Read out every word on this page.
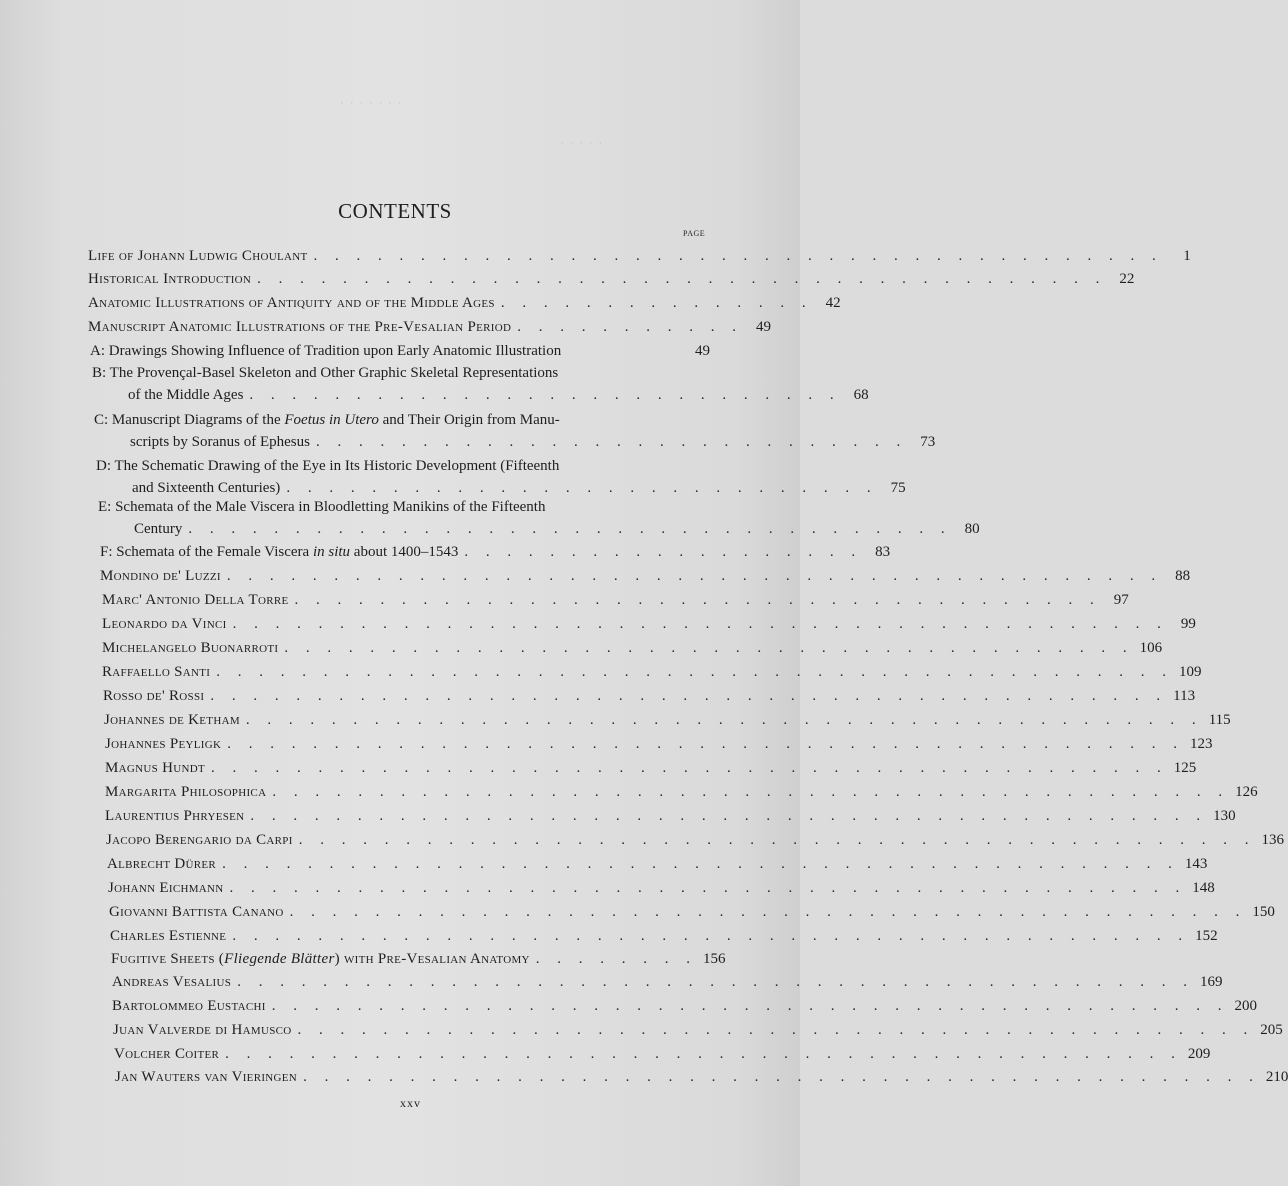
· · · · · · ·
· · · · ·
CONTENTS
PAGE
Life of Johann Ludwig Choulant . . . . . . . . . . . . . . . . . . . . . . . . . . . . . . . . . . . . . . . .	1
Historical Introduction . . . . . . . . . . . . . . . . . . . . . . . . . . . . . . . . . . . . . . . . 22
Anatomic Illustrations of Antiquity and of the Middle Ages . . . . . . . . . . . . . . . 42
Manuscript Anatomic Illustrations of the Pre-Vesalian Period . . . . . . . . . . . 49
A: Drawings Showing Influence of Tradition upon Early Anatomic Illustration	49
B: The Provençal-Basel Skeleton and Other Graphic Skeletal Representations
of the Middle Ages . . . . . . . . . . . . . . . . . . . . . . . . . . . . 68
C: Manuscript Diagrams of the Foetus in Utero and Their Origin from Manu-
scripts by Soranus of Ephesus . . . . . . . . . . . . . . . . . . . . . . . . . . . . 73
D: The Schematic Drawing of the Eye in Its Historic Development (Fifteenth
and Sixteenth Centuries) . . . . . . . . . . . . . . . . . . . . . . . . . . . . 75
E: Schemata of the Male Viscera in Bloodletting Manikins of the Fifteenth
Century . . . . . . . . . . . . . . . . . . . . . . . . . . . . . . . . . . . . 80
F: Schemata of the Female Viscera in situ about 1400–1543 . . . . . . . . . . . . . . . . . . . 83
Mondino de' Luzzi . . . . . . . . . . . . . . . . . . . . . . . . . . . . . . . . . . . . . . . . . . . . 88
Marc' Antonio Della Torre . . . . . . . . . . . . . . . . . . . . . . . . . . . . . . . . . . . . . . 97
Leonardo da Vinci . . . . . . . . . . . . . . . . . . . . . . . . . . . . . . . . . . . . . . . . . . . . 99
Michelangelo Buonarroti . . . . . . . . . . . . . . . . . . . . . . . . . . . . . . . . . . . . . . . . 106
Raffaello Santi . . . . . . . . . . . . . . . . . . . . . . . . . . . . . . . . . . . . . . . . . . . . . 109
Rosso de' Rossi . . . . . . . . . . . . . . . . . . . . . . . . . . . . . . . . . . . . . . . . . . . . . 113
Johannes de Ketham . . . . . . . . . . . . . . . . . . . . . . . . . . . . . . . . . . . . . . . . . . . . . 115
Johannes Peyligk . . . . . . . . . . . . . . . . . . . . . . . . . . . . . . . . . . . . . . . . . . . . . 123
Magnus Hundt . . . . . . . . . . . . . . . . . . . . . . . . . . . . . . . . . . . . . . . . . . . . . 125
Margarita Philosophica . . . . . . . . . . . . . . . . . . . . . . . . . . . . . . . . . . . . . . . . . . . . . 126
Laurentius Phryesen . . . . . . . . . . . . . . . . . . . . . . . . . . . . . . . . . . . . . . . . . . . . . 130
Jacopo Berengario da Carpi . . . . . . . . . . . . . . . . . . . . . . . . . . . . . . . . . . . . . . . . . . . . . 136
Albrecht Dürer . . . . . . . . . . . . . . . . . . . . . . . . . . . . . . . . . . . . . . . . . . . . . 143
Johann Eichmann . . . . . . . . . . . . . . . . . . . . . . . . . . . . . . . . . . . . . . . . . . . . . 148
Giovanni Battista Canano . . . . . . . . . . . . . . . . . . . . . . . . . . . . . . . . . . . . . . . . . . . . . 150
Charles Estienne . . . . . . . . . . . . . . . . . . . . . . . . . . . . . . . . . . . . . . . . . . . . . 152
Fugitive Sheets (Fliegende Blätter) with Pre-Vesalian Anatomy . . . . . . . . 156
Andreas Vesalius . . . . . . . . . . . . . . . . . . . . . . . . . . . . . . . . . . . . . . . . . . . . . 169
Bartolommeo Eustachi . . . . . . . . . . . . . . . . . . . . . . . . . . . . . . . . . . . . . . . . . . . . . 200
Juan Valverde di Hamusco . . . . . . . . . . . . . . . . . . . . . . . . . . . . . . . . . . . . . . . . . . . . . 205
Volcher Coiter . . . . . . . . . . . . . . . . . . . . . . . . . . . . . . . . . . . . . . . . . . . . . 209
Jan Wauters van Vieringen . . . . . . . . . . . . . . . . . . . . . . . . . . . . . . . . . . . . . . . . . . . . . 210
xxv
